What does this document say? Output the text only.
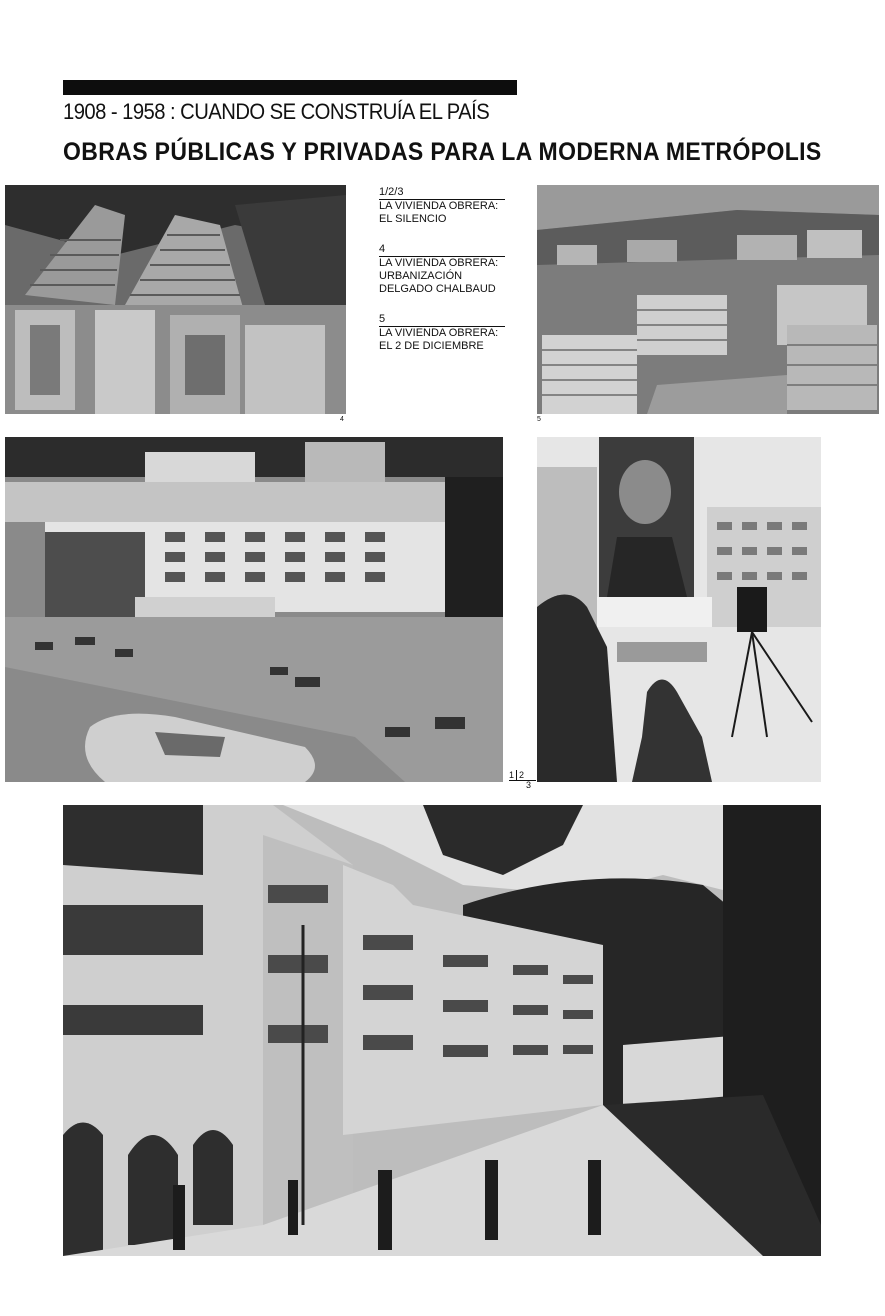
1908 - 1958 : CUANDO SE CONSTRUÍA EL PAÍS
OBRAS PÚBLICAS Y PRIVADAS PARA LA MODERNA METRÓPOLIS
4
1/2/3
LA VIVIENDA OBRERA:
EL SILENCIO
4
LA VIVIENDA OBRERA:
URBANIZACIÓN
DELGADO CHALBAUD
5
LA VIVIENDA OBRERA:
EL 2 DE DICIEMBRE
5
1 2
3
